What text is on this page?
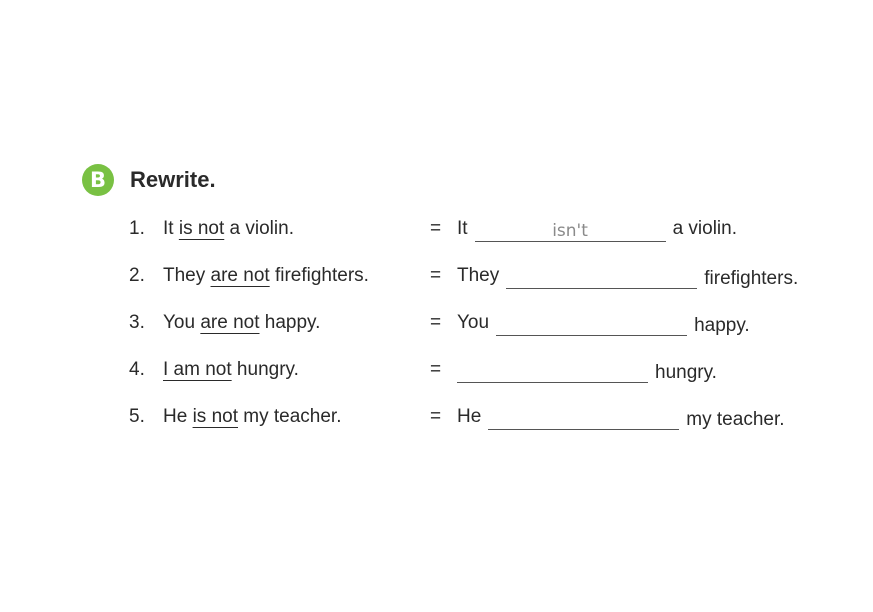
B	Rewrite.
1. It is not a violin.	= It	isn't	a violin.
2. They are not firefighters.	= They	firefighters.
3. You are not happy.	= You	happy.
4. I am not hungry.	=	hungry.
5. He is not my teacher.	= He	my teacher.
